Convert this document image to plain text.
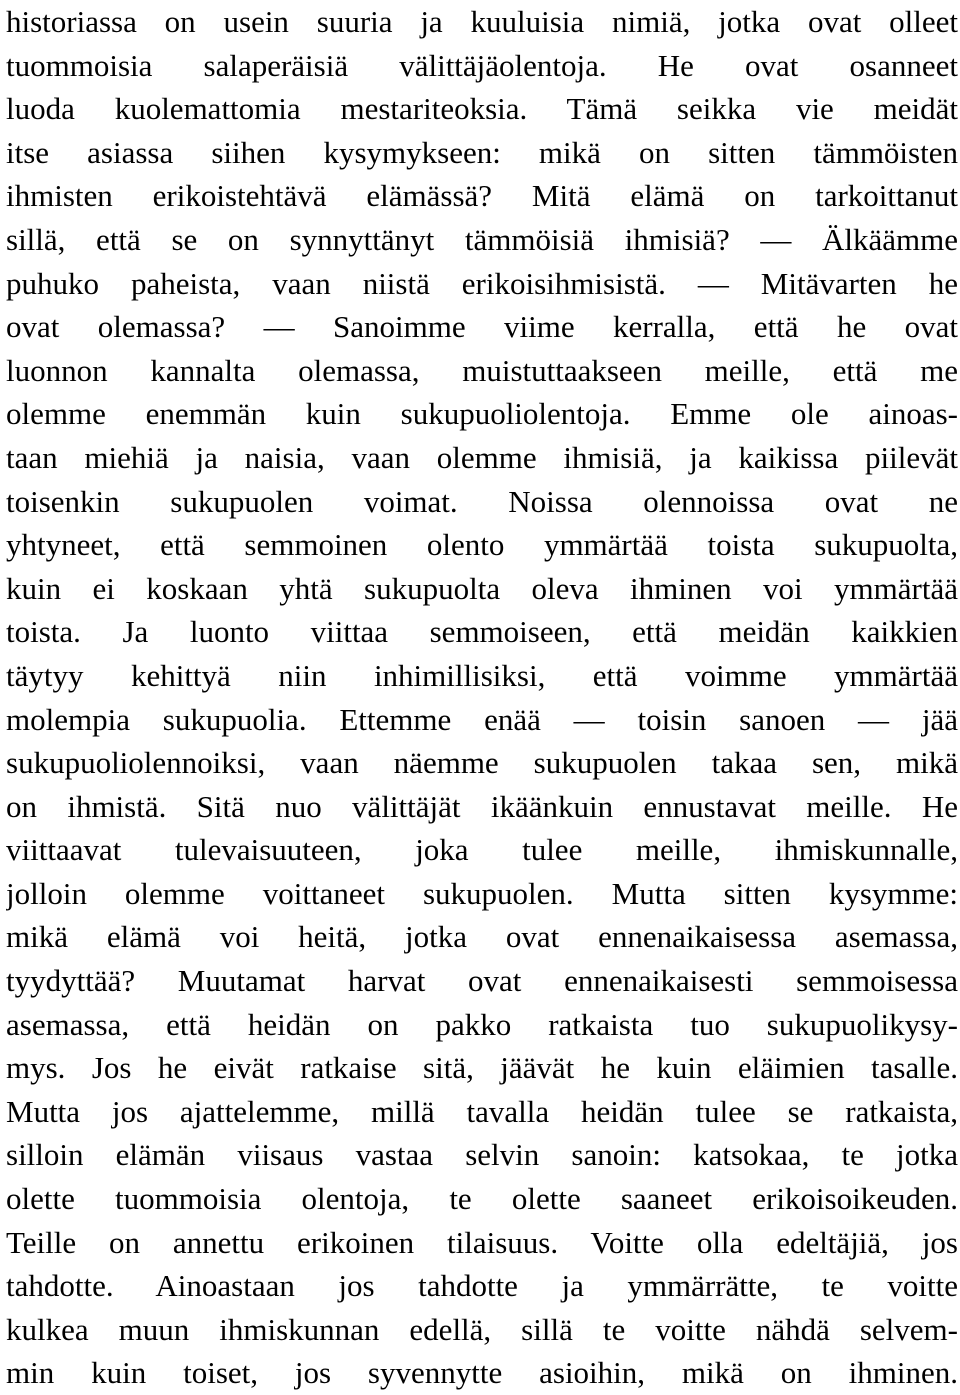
historiassa on usein suuria ja kuuluisia nimiä, jotka ovat olleet
tuommoisia salaperäisiä välittäjäolentoja. He ovat osanneet
luoda kuolemattomia mestariteoksia. Tämä seikka vie meidät
itse asiassa siihen kysymykseen: mikä on sitten tämmöisten
ihmisten erikoistehtävä elämässä? Mitä elämä on tarkoittanut
sillä, että se on synnyttänyt tämmöisiä ihmisiä? — Älkäämme
puhuko paheista, vaan niistä erikoisihmisistä. — Mitävarten he
ovat olemassa? — Sanoimme viime kerralla, että he ovat
luonnon kannalta olemassa, muistuttaakseen meille, että me
olemme enemmän kuin sukupuoliolentoja. Emme ole ainoas-
taan miehiä ja naisia, vaan olemme ihmisiä, ja kaikissa piilevät
toisenkin sukupuolen voimat. Noissa olennoissa ovat ne
yhtyneet, että semmoinen olento ymmärtää toista sukupuolta,
kuin ei koskaan yhtä sukupuolta oleva ihminen voi ymmärtää
toista. Ja luonto viittaa semmoiseen, että meidän kaikkien
täytyy kehittyä niin inhimillisiksi, että voimme ymmärtää
molempia sukupuolia. Ettemme enää — toisin sanoen — jää
sukupuoliolennoiksi, vaan näemme sukupuolen takaa sen, mikä
on ihmistä. Sitä nuo välittäjät ikäänkuin ennustavat meille. He
viittaavat tulevaisuuteen, joka tulee meille, ihmiskunnalle,
jolloin olemme voittaneet sukupuolen. Mutta sitten kysymme:
mikä elämä voi heitä, jotka ovat ennenaikaisessa asemassa,
tyydyttää? Muutamat harvat ovat ennenaikaisesti semmoisessa
asemassa, että heidän on pakko ratkaista tuo sukupuolikysy-
mys. Jos he eivät ratkaise sitä, jäävät he kuin eläimien tasalle.
Mutta jos ajattelemme, millä tavalla heidän tulee se ratkaista,
silloin elämän viisaus vastaa selvin sanoin: katsokaa, te jotka
olette tuommoisia olentoja, te olette saaneet erikoisoikeuden.
Teille on annettu erikoinen tilaisuus. Voitte olla edeltäjiä, jos
tahdotte. Ainoastaan jos tahdotte ja ymmärrätte, te voitte
kulkea muun ihmiskunnan edellä, sillä te voitte nähdä selvem-
min kuin toiset, jos syvennytte asioihin, mikä on ihminen.
